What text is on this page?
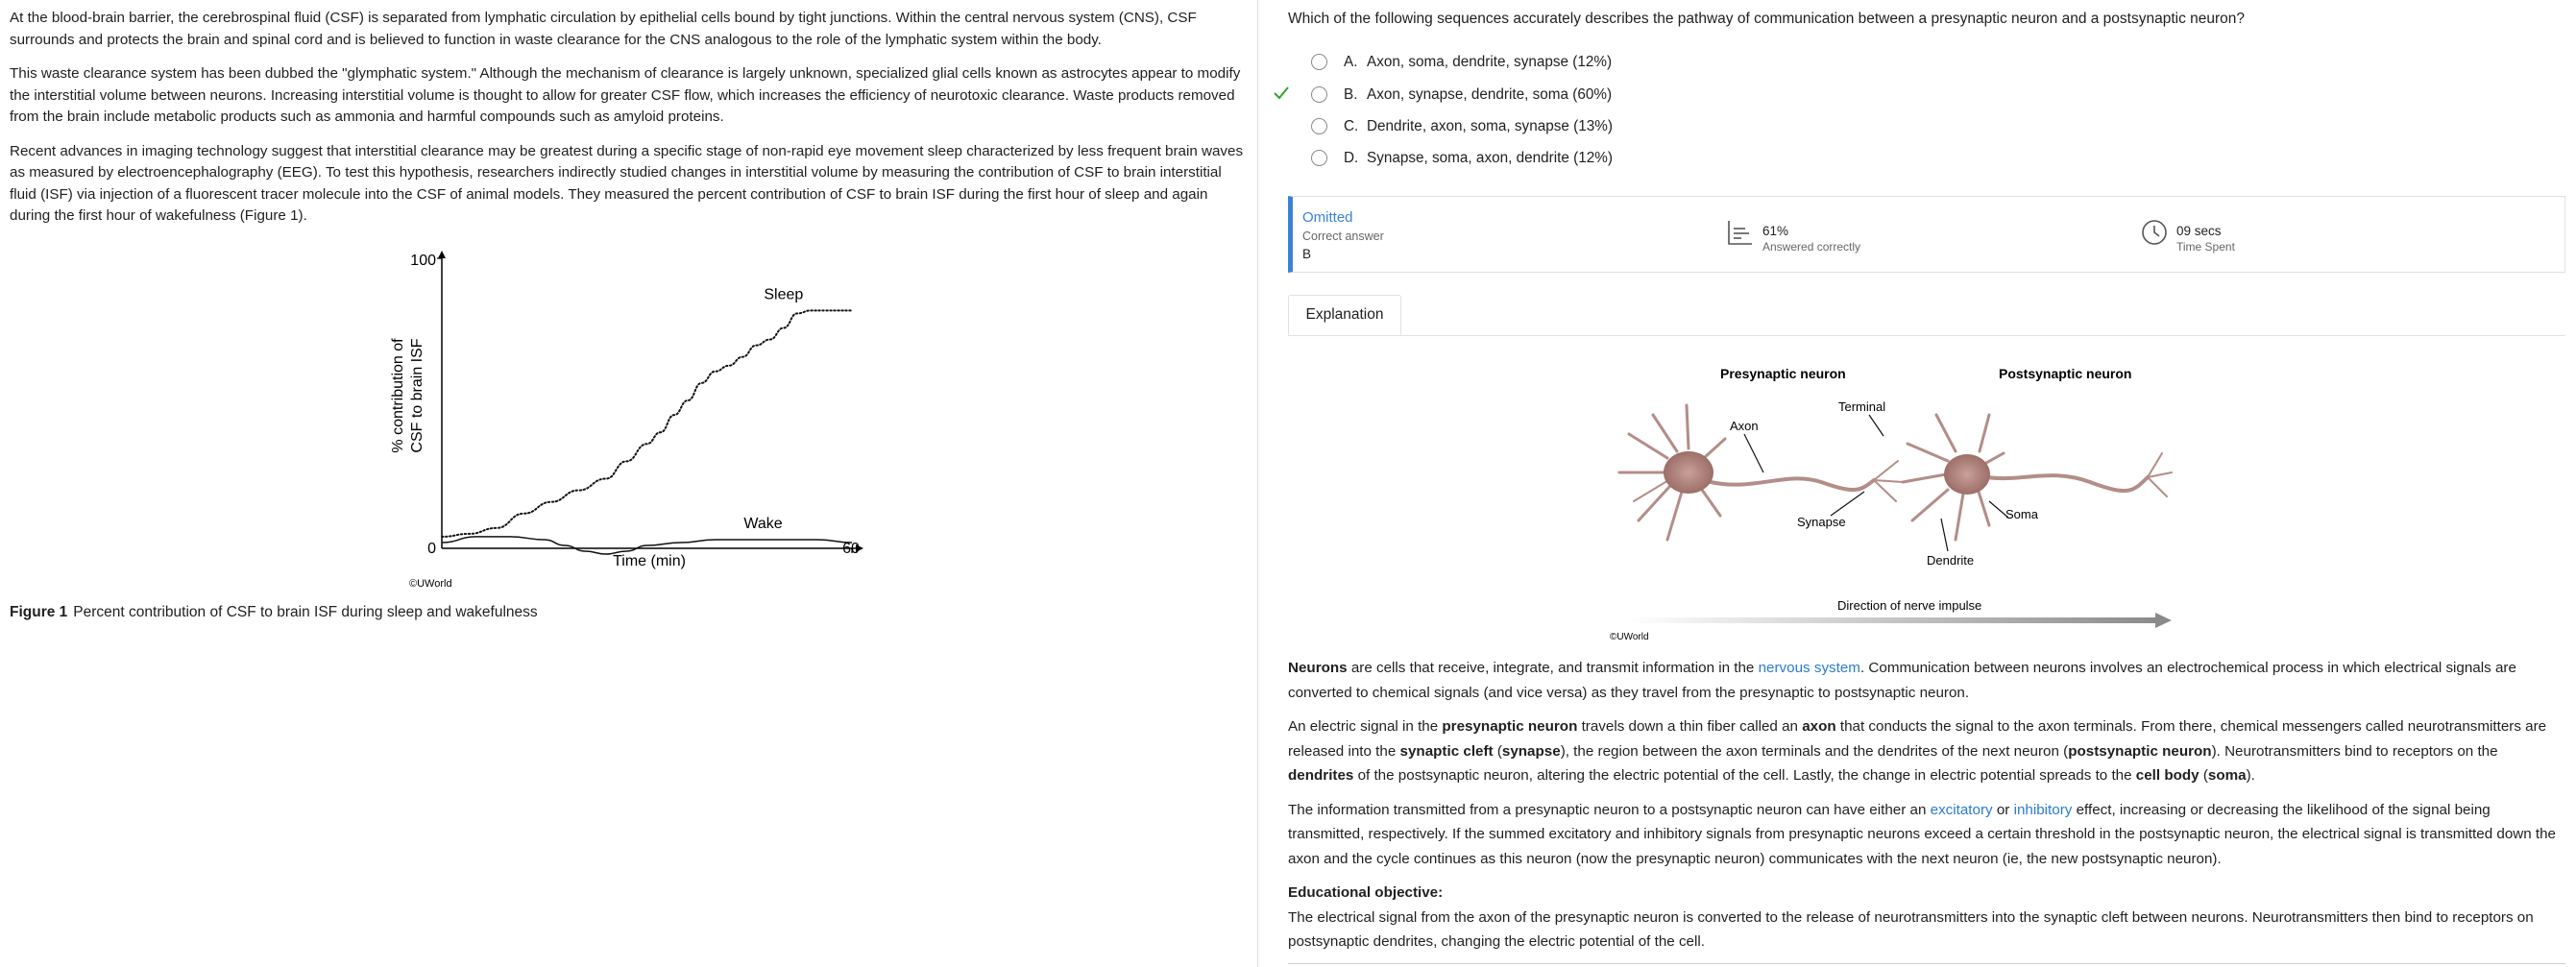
At the blood-brain barrier, the cerebrospinal fluid (CSF) is separated from lymphatic circulation by epithelial cells bound by tight junctions. Within the central nervous system (CNS), CSF surrounds and protects the brain and spinal cord and is believed to function in waste clearance for the CNS analogous to the role of the lymphatic system within the body.

This waste clearance system has been dubbed the "glymphatic system." Although the mechanism of clearance is largely unknown, specialized glial cells known as astrocytes appear to modify the interstitial volume between neurons. Increasing interstitial volume is thought to allow for greater CSF flow, which increases the efficiency of neurotoxic clearance. Waste products removed from the brain include metabolic products such as ammonia and harmful compounds such as amyloid proteins.

Recent advances in imaging technology suggest that interstitial clearance may be greatest during a specific stage of non-rapid eye movement sleep characterized by less frequent brain waves as measured by electroencephalography (EEG). To test this hypothesis, researchers indirectly studied changes in interstitial volume by measuring the contribution of CSF to brain interstitial fluid (ISF) via injection of a fluorescent tracer molecule into the CSF of animal models. They measured the percent contribution of CSF to brain ISF during the first hour of sleep and again during the first hour of wakefulness (Figure 1).

Sleep
Wake
100
0	60
Time (min)
% contribution of CSF to brain ISF
©UWorld
Figure 1 Percent contribution of CSF to brain ISF during sleep and wakefulness
Which of the following sequences accurately describes the pathway of communication between a presynaptic neuron and a postsynaptic neuron?
A. Axon, soma, dendrite, synapse (12%)
B. Axon, synapse, dendrite, soma (60%)
C. Dendrite, axon, soma, synapse (13%)
D. Synapse, soma, axon, dendrite (12%)
Omitted
Correct answer
B
61%
Answered correctly
09 secs
Time Spent
Explanation
Presynaptic neuron	Postsynaptic neuron
Axon
Terminal
Synapse
Soma
Dendrite
Direction of nerve impulse
©UWorld

Neurons are cells that receive, integrate, and transmit information in the nervous system. Communication between neurons involves an electrochemical process in which electrical signals are converted to chemical signals (and vice versa) as they travel from the presynaptic to postsynaptic neuron.

An electric signal in the presynaptic neuron travels down a thin fiber called an axon that conducts the signal to the axon terminals. From there, chemical messengers called neurotransmitters are released into the synaptic cleft (synapse), the region between the axon terminals and the dendrites of the next neuron (postsynaptic neuron). Neurotransmitters bind to receptors on the dendrites of the postsynaptic neuron, altering the electric potential of the cell. Lastly, the change in electric potential spreads to the cell body (soma).

The information transmitted from a presynaptic neuron to a postsynaptic neuron can have either an excitatory or inhibitory effect, increasing or decreasing the likelihood of the signal being transmitted, respectively. If the summed excitatory and inhibitory signals from presynaptic neurons exceed a certain threshold in the postsynaptic neuron, the electrical signal is transmitted down the axon and the cycle continues as this neuron (now the presynaptic neuron) communicates with the next neuron (ie, the new postsynaptic neuron).

Educational objective:

The electrical signal from the axon of the presynaptic neuron is converted to the release of neurotransmitters into the synaptic cleft between neurons. Neurotransmitters then bind to receptors on postsynaptic dendrites, changing the electric potential of the cell.
